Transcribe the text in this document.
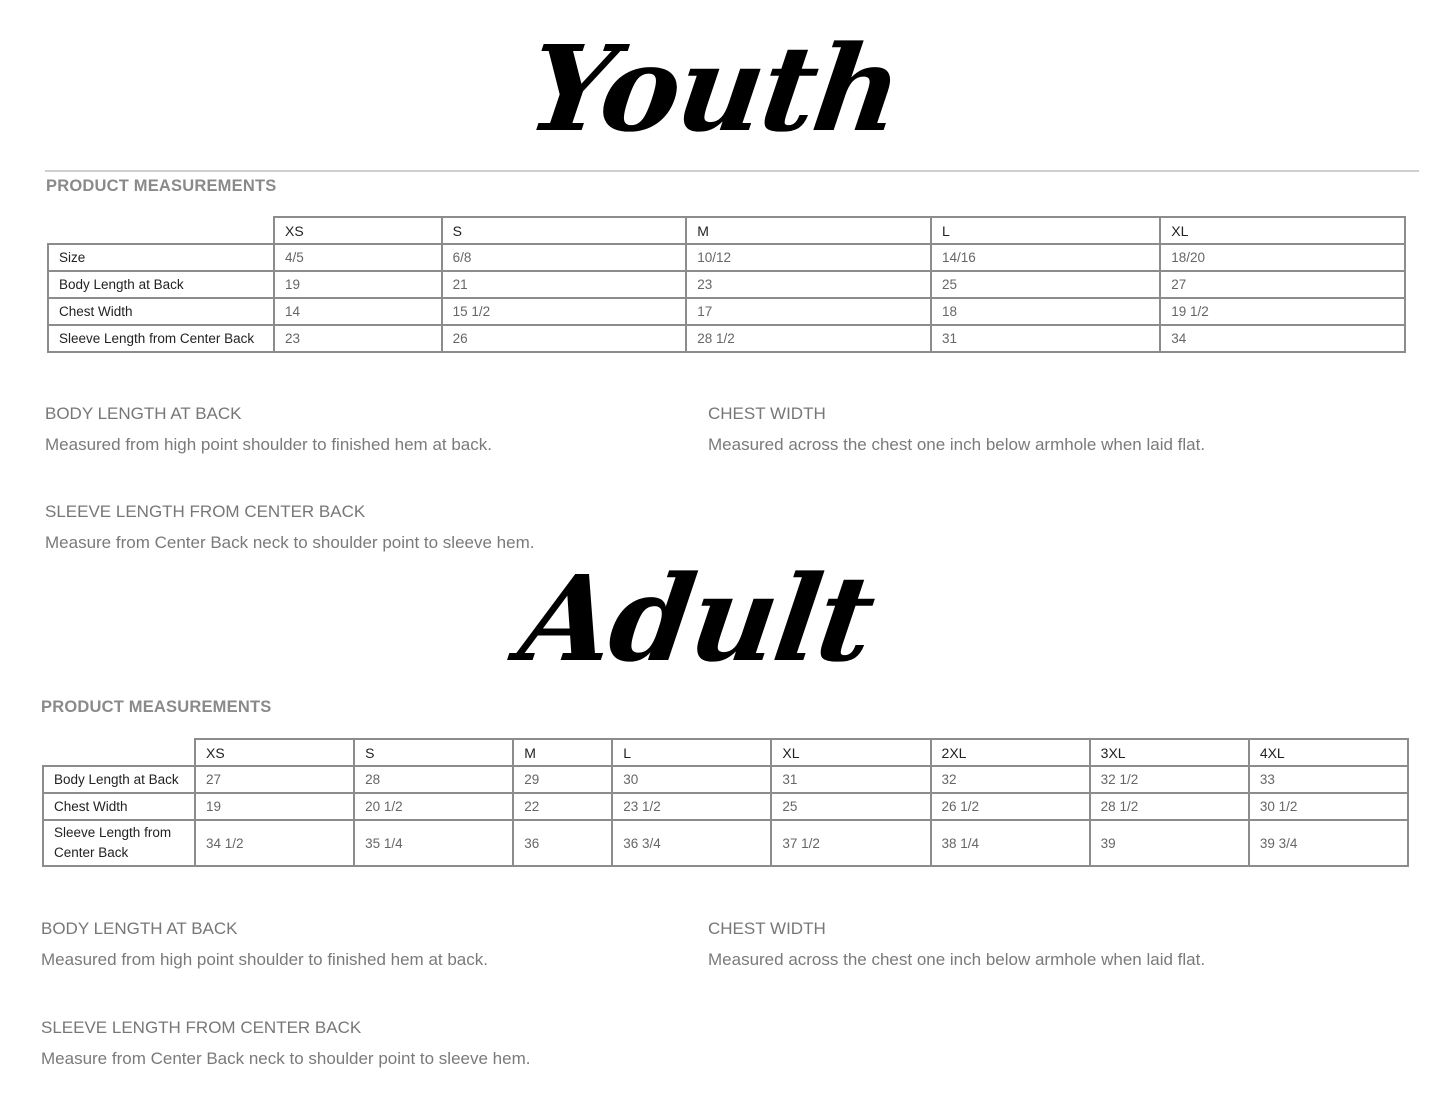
Youth
PRODUCT MEASUREMENTS
	XS	S	M	L	XL
Size	4/5	6/8	10/12	14/16	18/20
Body Length at Back	19	21	23	25	27
Chest Width	14	15 1/2	17	18	19 1/2
Sleeve Length from Center Back	23	26	28 1/2	31	34
BODY LENGTH AT BACK
Measured from high point shoulder to finished hem at back.
CHEST WIDTH
Measured across the chest one inch below armhole when laid flat.
SLEEVE LENGTH FROM CENTER BACK
Measure from Center Back neck to shoulder point to sleeve hem.
Adult
PRODUCT MEASUREMENTS
	XS	S	M	L	XL	2XL	3XL	4XL
Body Length at Back	27	28	29	30	31	32	32 1/2	33
Chest Width	19	20 1/2	22	23 1/2	25	26 1/2	28 1/2	30 1/2
Sleeve Length from Center Back	34 1/2	35 1/4	36	36 3/4	37 1/2	38 1/4	39	39 3/4
BODY LENGTH AT BACK
Measured from high point shoulder to finished hem at back.
CHEST WIDTH
Measured across the chest one inch below armhole when laid flat.
SLEEVE LENGTH FROM CENTER BACK
Measure from Center Back neck to shoulder point to sleeve hem.
